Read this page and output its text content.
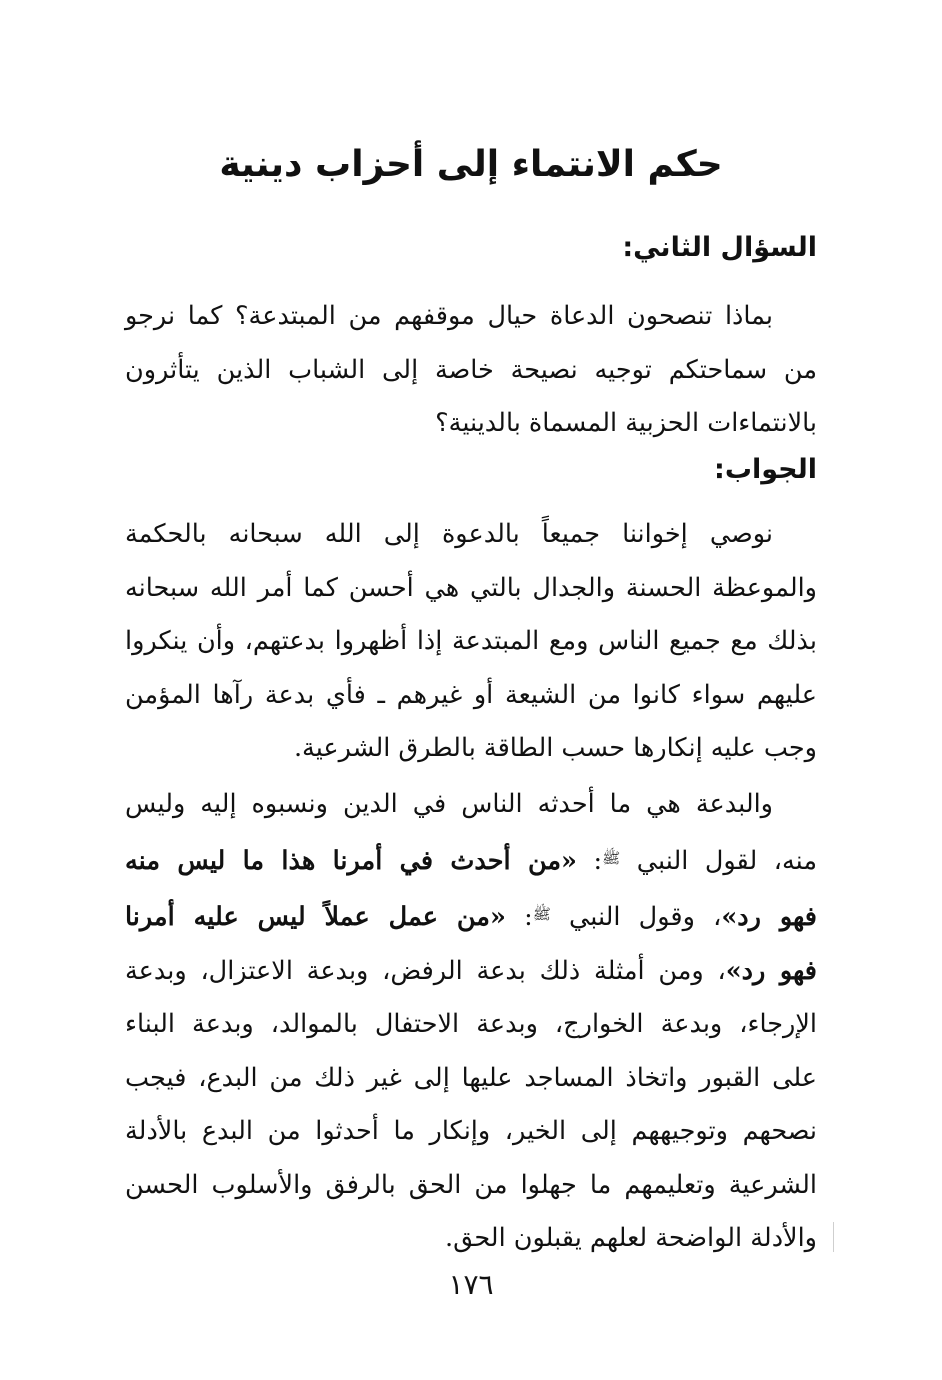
حكم الانتماء إلى أحزاب دينية
السؤال الثاني:

بماذا تنصحون الدعاة حيال موقفهم من المبتدعة؟ كما نرجو
من سماحتكم توجيه نصيحة خاصة إلى الشباب الذين يتأثرون
بالانتماءات الحزبية المسماة بالدينية؟

الجواب:

نوصي إخواننا جميعاً بالدعوة إلى الله سبحانه بالحكمة
والموعظة الحسنة والجدال بالتي هي أحسن كما أمر الله سبحانه
بذلك مع جميع الناس ومع المبتدعة إذا أظهروا بدعتهم، وأن ينكروا
عليهم سواء كانوا من الشيعة أو غيرهم ـ فأي بدعة رآها المؤمن
وجب عليه إنكارها حسب الطاقة بالطرق الشرعية.

والبدعة هي ما أحدثه الناس في الدين ونسبوه إليه وليس
منه، لقول النبي $^ﷺ$: «من أحدث في أمرنا هذا ما ليس منه
فهو رد»، وقول النبي $^ﷺ$: «من عمل عملاً ليس عليه أمرنا
فهو رد»، ومن أمثلة ذلك بدعة الرفض، وبدعة الاعتزال، وبدعة
الإرجاء، وبدعة الخوارج، وبدعة الاحتفال بالموالد، وبدعة البناء
على القبور واتخاذ المساجد عليها إلى غير ذلك من البدع، فيجب
نصحهم وتوجيههم إلى الخير، وإنكار ما أحدثوا من البدع بالأدلة
الشرعية وتعليمهم ما جهلوا من الحق بالرفق والأسلوب الحسن
والأدلة الواضحة لعلهم يقبلون الحق.

١٧٦
